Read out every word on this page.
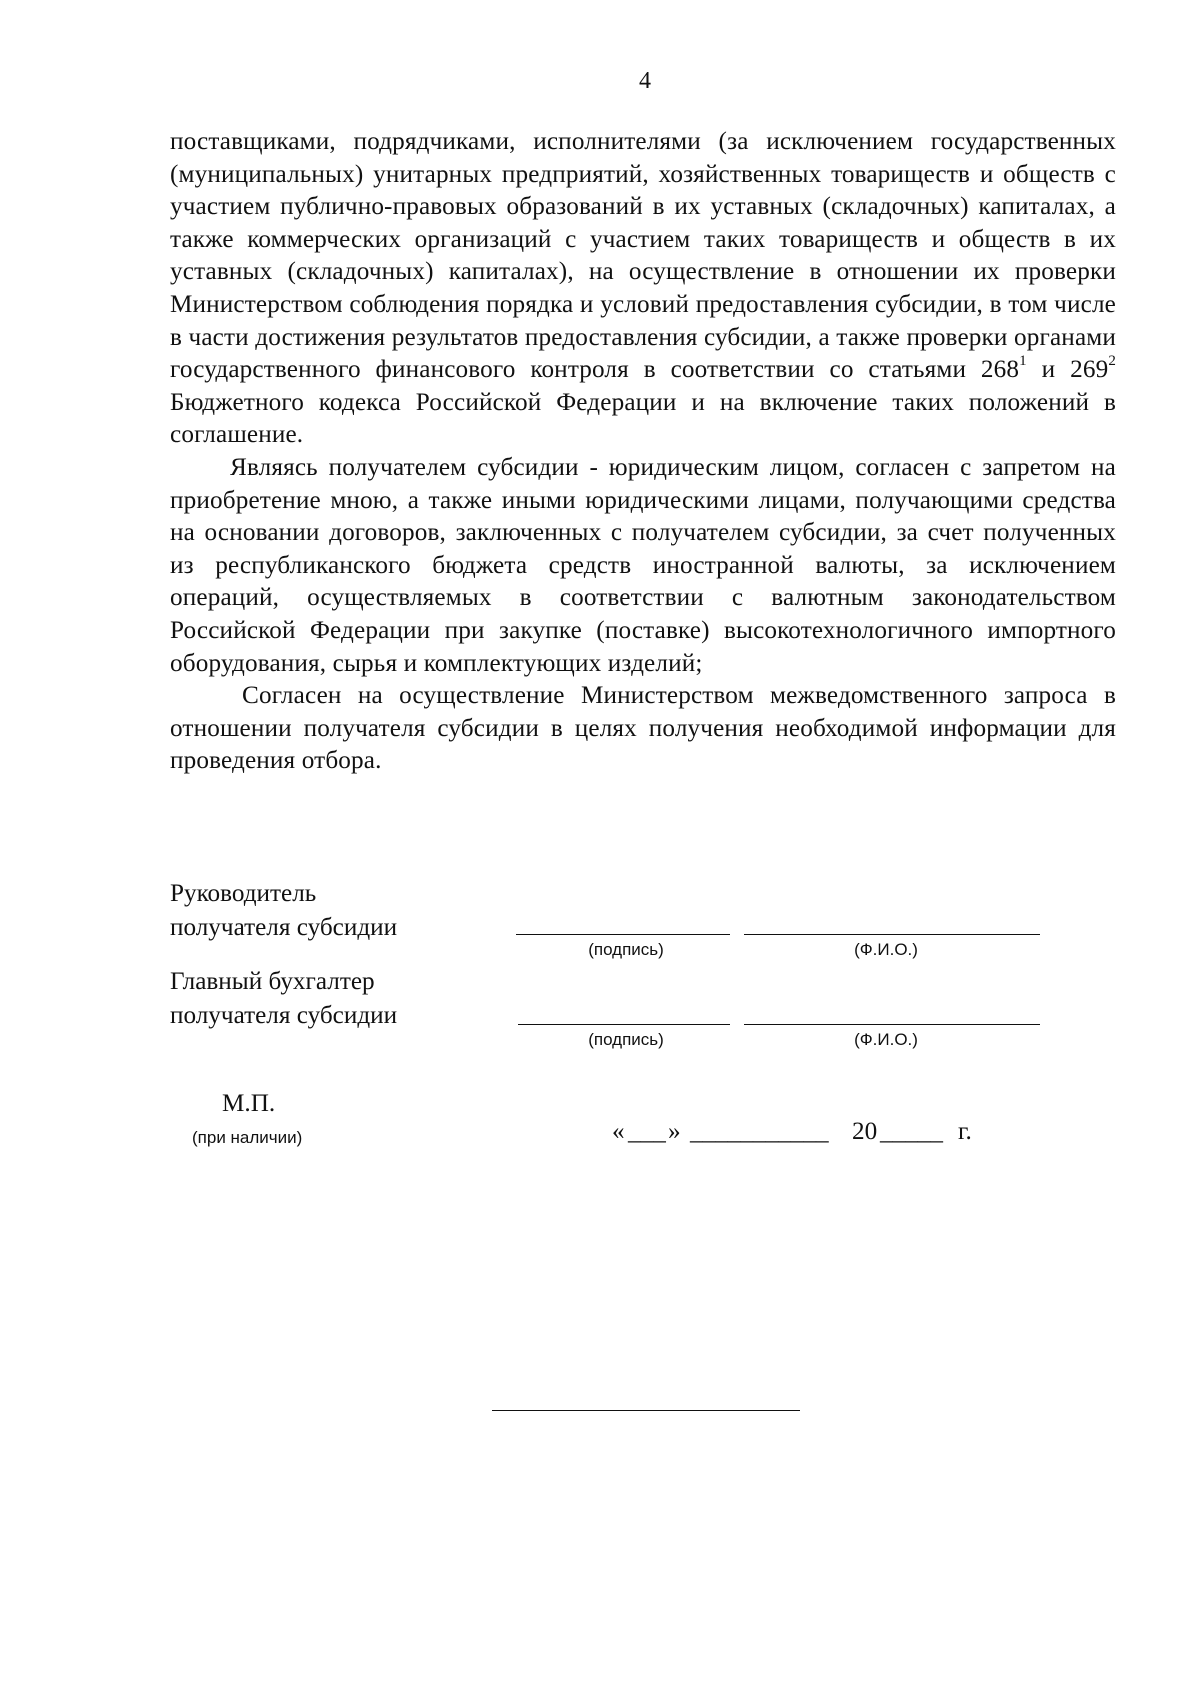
4

поставщиками, подрядчиками, исполнителями (за исключением государственных (муниципальных) унитарных предприятий, хозяйственных товариществ и обществ с участием публично-правовых образований в их уставных (складочных) капиталах, а также коммерческих организаций с участием таких товариществ и обществ в их уставных (складочных) капиталах), на осуществление в отношении их проверки Министерством соблюдения порядка и условий предоставления субсидии, в том числе в части достижения результатов предоставления субсидии, а также проверки органами государственного финансового контроля в соответствии со статьями $268^1$ и $269^2$ Бюджетного кодекса Российской Федерации и на включение таких положений в соглашение.

Являясь получателем субсидии - юридическим лицом, согласен с запретом на приобретение мною, а также иными юридическими лицами, получающими средства на основании договоров, заключенных с получателем субсидии, за счет полученных из республиканского бюджета средств иностранной валюты, за исключением операций, осуществляемых в соответствии с валютным законодательством Российской Федерации при закупке (поставке) высокотехнологичного импортного оборудования, сырья и комплектующих изделий;

Согласен на осуществление Министерством межведомственного запроса в отношении получателя субсидии в целях получения необходимой информации для проведения отбора.

Руководитель
получателя субсидии
(подпись)	(Ф.И.О.)
Главный бухгалтер
получателя субсидии
(подпись)	(Ф.И.О.)
М.П.
(при наличии)	« ___ » ___________ 20 _____ г.
